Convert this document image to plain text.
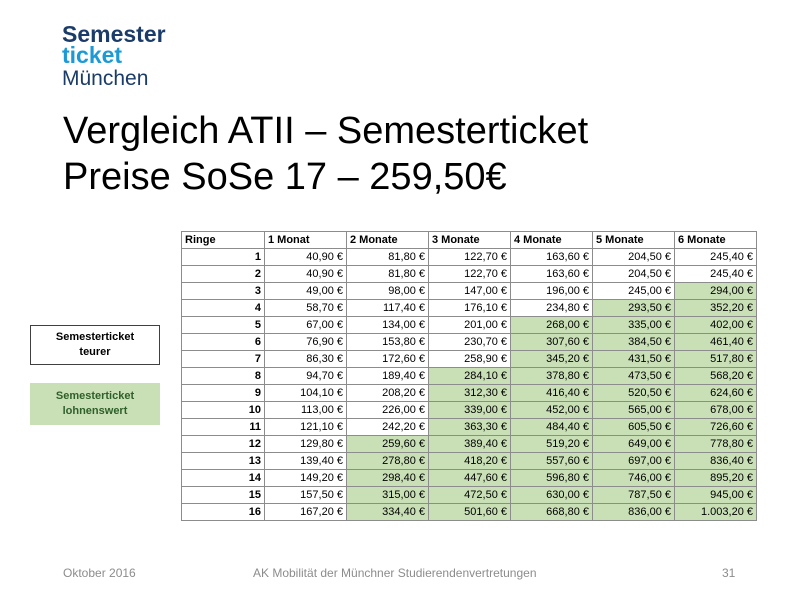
Semester
ticket
München
Vergleich ATII – Semesterticket
Preise SoSe 17 – 259,50€
Semesterticket
teurer
Semesterticket
lohnenswert
Ringe	1 Monat	2 Monate	3 Monate	4 Monate	5 Monate	6 Monate
1	40,90 €	81,80 €	122,70 €	163,60 €	204,50 €	245,40 €
2	40,90 €	81,80 €	122,70 €	163,60 €	204,50 €	245,40 €
3	49,00 €	98,00 €	147,00 €	196,00 €	245,00 €	294,00 €
4	58,70 €	117,40 €	176,10 €	234,80 €	293,50 €	352,20 €
5	67,00 €	134,00 €	201,00 €	268,00 €	335,00 €	402,00 €
6	76,90 €	153,80 €	230,70 €	307,60 €	384,50 €	461,40 €
7	86,30 €	172,60 €	258,90 €	345,20 €	431,50 €	517,80 €
8	94,70 €	189,40 €	284,10 €	378,80 €	473,50 €	568,20 €
9	104,10 €	208,20 €	312,30 €	416,40 €	520,50 €	624,60 €
10	113,00 €	226,00 €	339,00 €	452,00 €	565,00 €	678,00 €
11	121,10 €	242,20 €	363,30 €	484,40 €	605,50 €	726,60 €
12	129,80 €	259,60 €	389,40 €	519,20 €	649,00 €	778,80 €
13	139,40 €	278,80 €	418,20 €	557,60 €	697,00 €	836,40 €
14	149,20 €	298,40 €	447,60 €	596,80 €	746,00 €	895,20 €
15	157,50 €	315,00 €	472,50 €	630,00 €	787,50 €	945,00 €
16	167,20 €	334,40 €	501,60 €	668,80 €	836,00 €	1.003,20 €
Oktober 2016	AK Mobilität der Münchner Studierendenvertretungen	31
